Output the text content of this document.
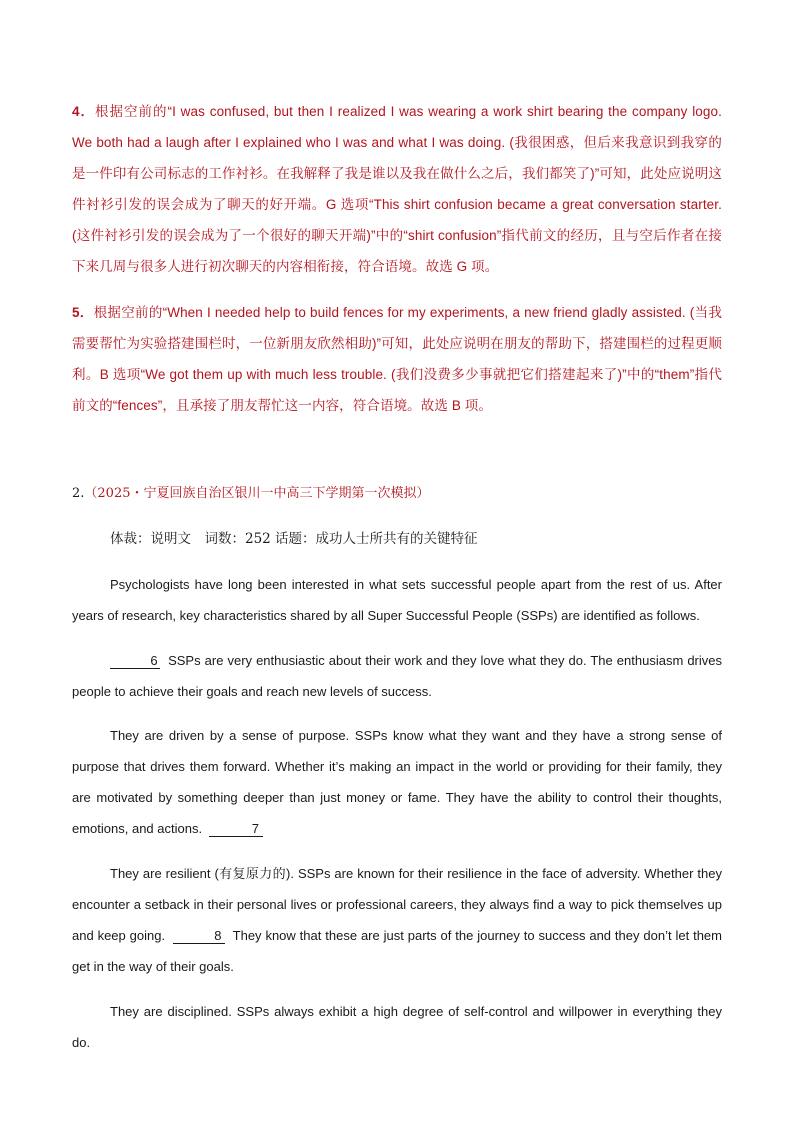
4．根据空前的“I was confused, but then I realized I was wearing a work shirt bearing the company logo. We both had a laugh after I explained who I was and what I was doing. (我很困惑，但后来我意识到我穿的是一件印有公司标志的工作衬衫。在我解释了我是谁以及我在做什么之后，我们都笑了)”可知，此处应说明这件衬衫引发的误会成为了聊天的好开端。G 选项“This shirt confusion became a great conversation starter. (这件衬衫引发的误会成为了一个很好的聊天开端)”中的“shirt confusion”指代前文的经历，且与空后作者在接下来几周与很多人进行初次聊天的内容相衔接，符合语境。故选 G 项。
5．根据空前的“When I needed help to build fences for my experiments, a new friend gladly assisted. (当我需要帮忙为实验搭建围栏时，一位新朋友欣然相助)”可知，此处应说明在朋友的帮助下，搭建围栏的过程更顺利。B 选项“We got them up with much less trouble. (我们没费多少事就把它们搭建起来了)”中的“them”指代前文的“fences”，且承接了朋友帮忙这一内容，符合语境。故选 B 项。
2.（2025・宁夏回族自治区银川一中高三下学期第一次模拟）
体裁：说明文　词数：252 话题：成功人士所共有的关键特征
Psychologists have long been interested in what sets successful people apart from the rest of us. After years of research, key characteristics shared by all Super Successful People (SSPs) are identified as follows.
6 SSPs are very enthusiastic about their work and they love what they do. The enthusiasm drives people to achieve their goals and reach new levels of success.
They are driven by a sense of purpose. SSPs know what they want and they have a strong sense of purpose that drives them forward. Whether it’s making an impact in the world or providing for their family, they are motivated by something deeper than just money or fame. They have the ability to control their thoughts, emotions, and actions.	7
They are resilient (有复原力的). SSPs are known for their resilience in the face of adversity. Whether they encounter a setback in their personal lives or professional careers, they always find a way to pick themselves up and keep going.	8 They know that these are just parts of the journey to success and they don’t let them get in the way of their goals.
They are disciplined. SSPs always exhibit a high degree of self-control and willpower in everything they do.
